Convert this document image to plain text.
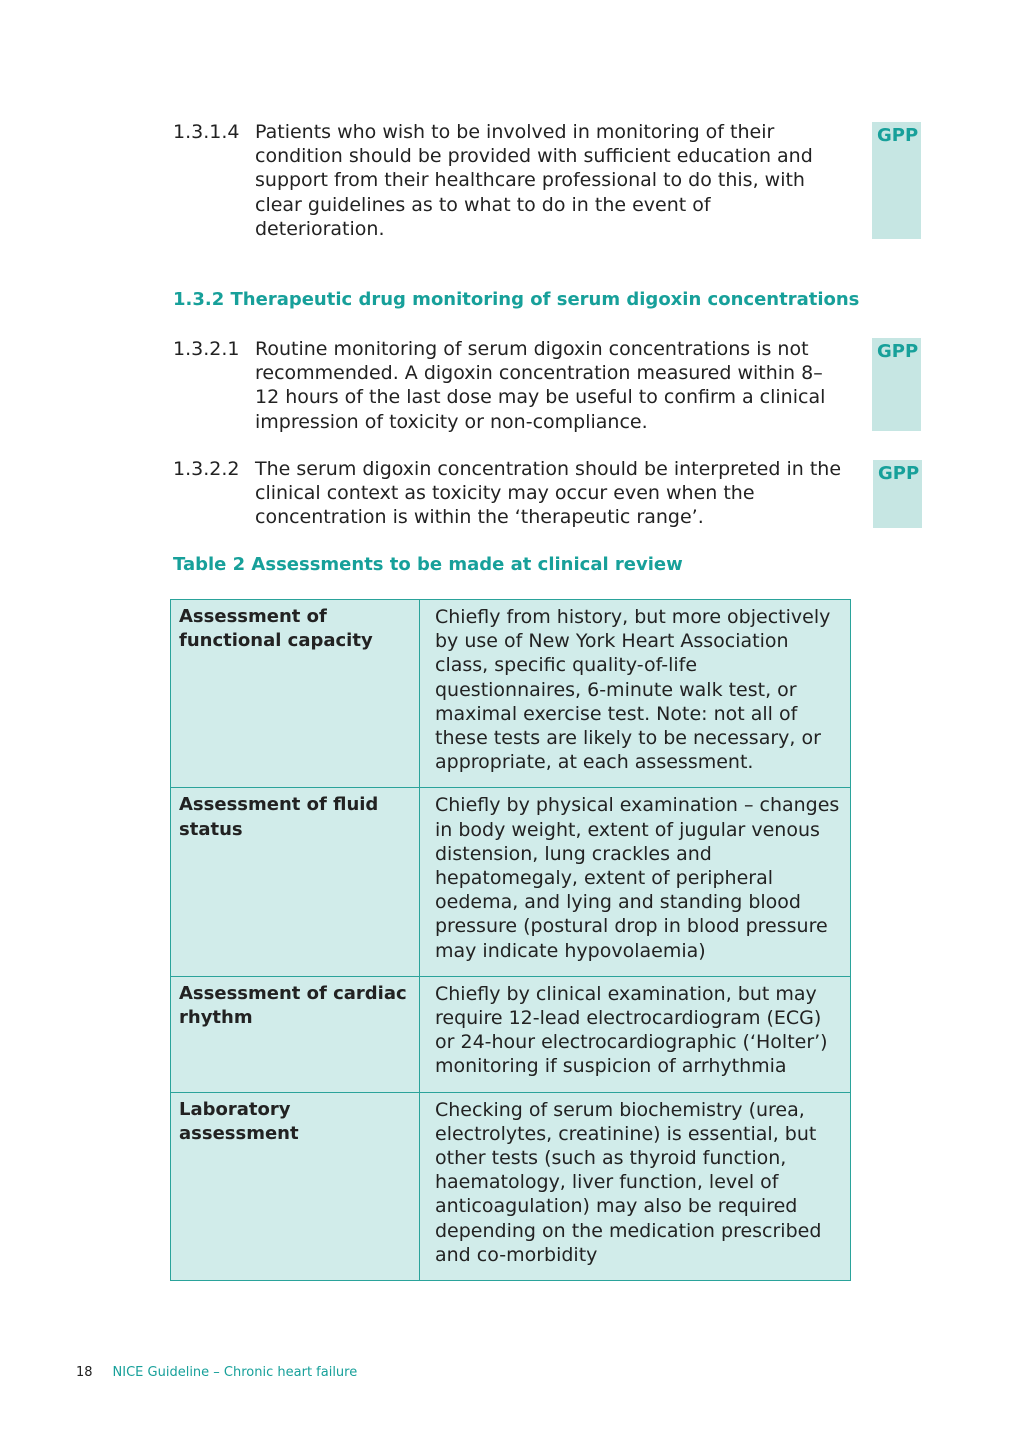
1.3.1.4 Patients who wish to be involved in monitoring of their condition should be provided with sufficient education and support from their healthcare professional to do this, with clear guidelines as to what to do in the event of deterioration.
GPP
1.3.2 Therapeutic drug monitoring of serum digoxin concentrations
1.3.2.1 Routine monitoring of serum digoxin concentrations is not recommended. A digoxin concentration measured within 8–12 hours of the last dose may be useful to confirm a clinical impression of toxicity or non-compliance.
GPP
1.3.2.2 The serum digoxin concentration should be interpreted in the clinical context as toxicity may occur even when the concentration is within the ‘therapeutic range’.
GPP
Table 2 Assessments to be made at clinical review
Assessment of functional capacity	Chiefly from history, but more objectively by use of New York Heart Association class, specific quality-of-life questionnaires, 6-minute walk test, or maximal exercise test. Note: not all of these tests are likely to be necessary, or appropriate, at each assessment.
Assessment of fluid status	Chiefly by physical examination – changes in body weight, extent of jugular venous distension, lung crackles and hepatomegaly, extent of peripheral oedema, and lying and standing blood pressure (postural drop in blood pressure may indicate hypovolaemia)
Assessment of cardiac rhythm	Chiefly by clinical examination, but may require 12-lead electrocardiogram (ECG) or 24-hour electrocardiographic (‘Holter’) monitoring if suspicion of arrhythmia
Laboratory assessment	Checking of serum biochemistry (urea, electrolytes, creatinine) is essential, but other tests (such as thyroid function, haematology, liver function, level of anticoagulation) may also be required depending on the medication prescribed and co-morbidity
18 NICE Guideline – Chronic heart failure
